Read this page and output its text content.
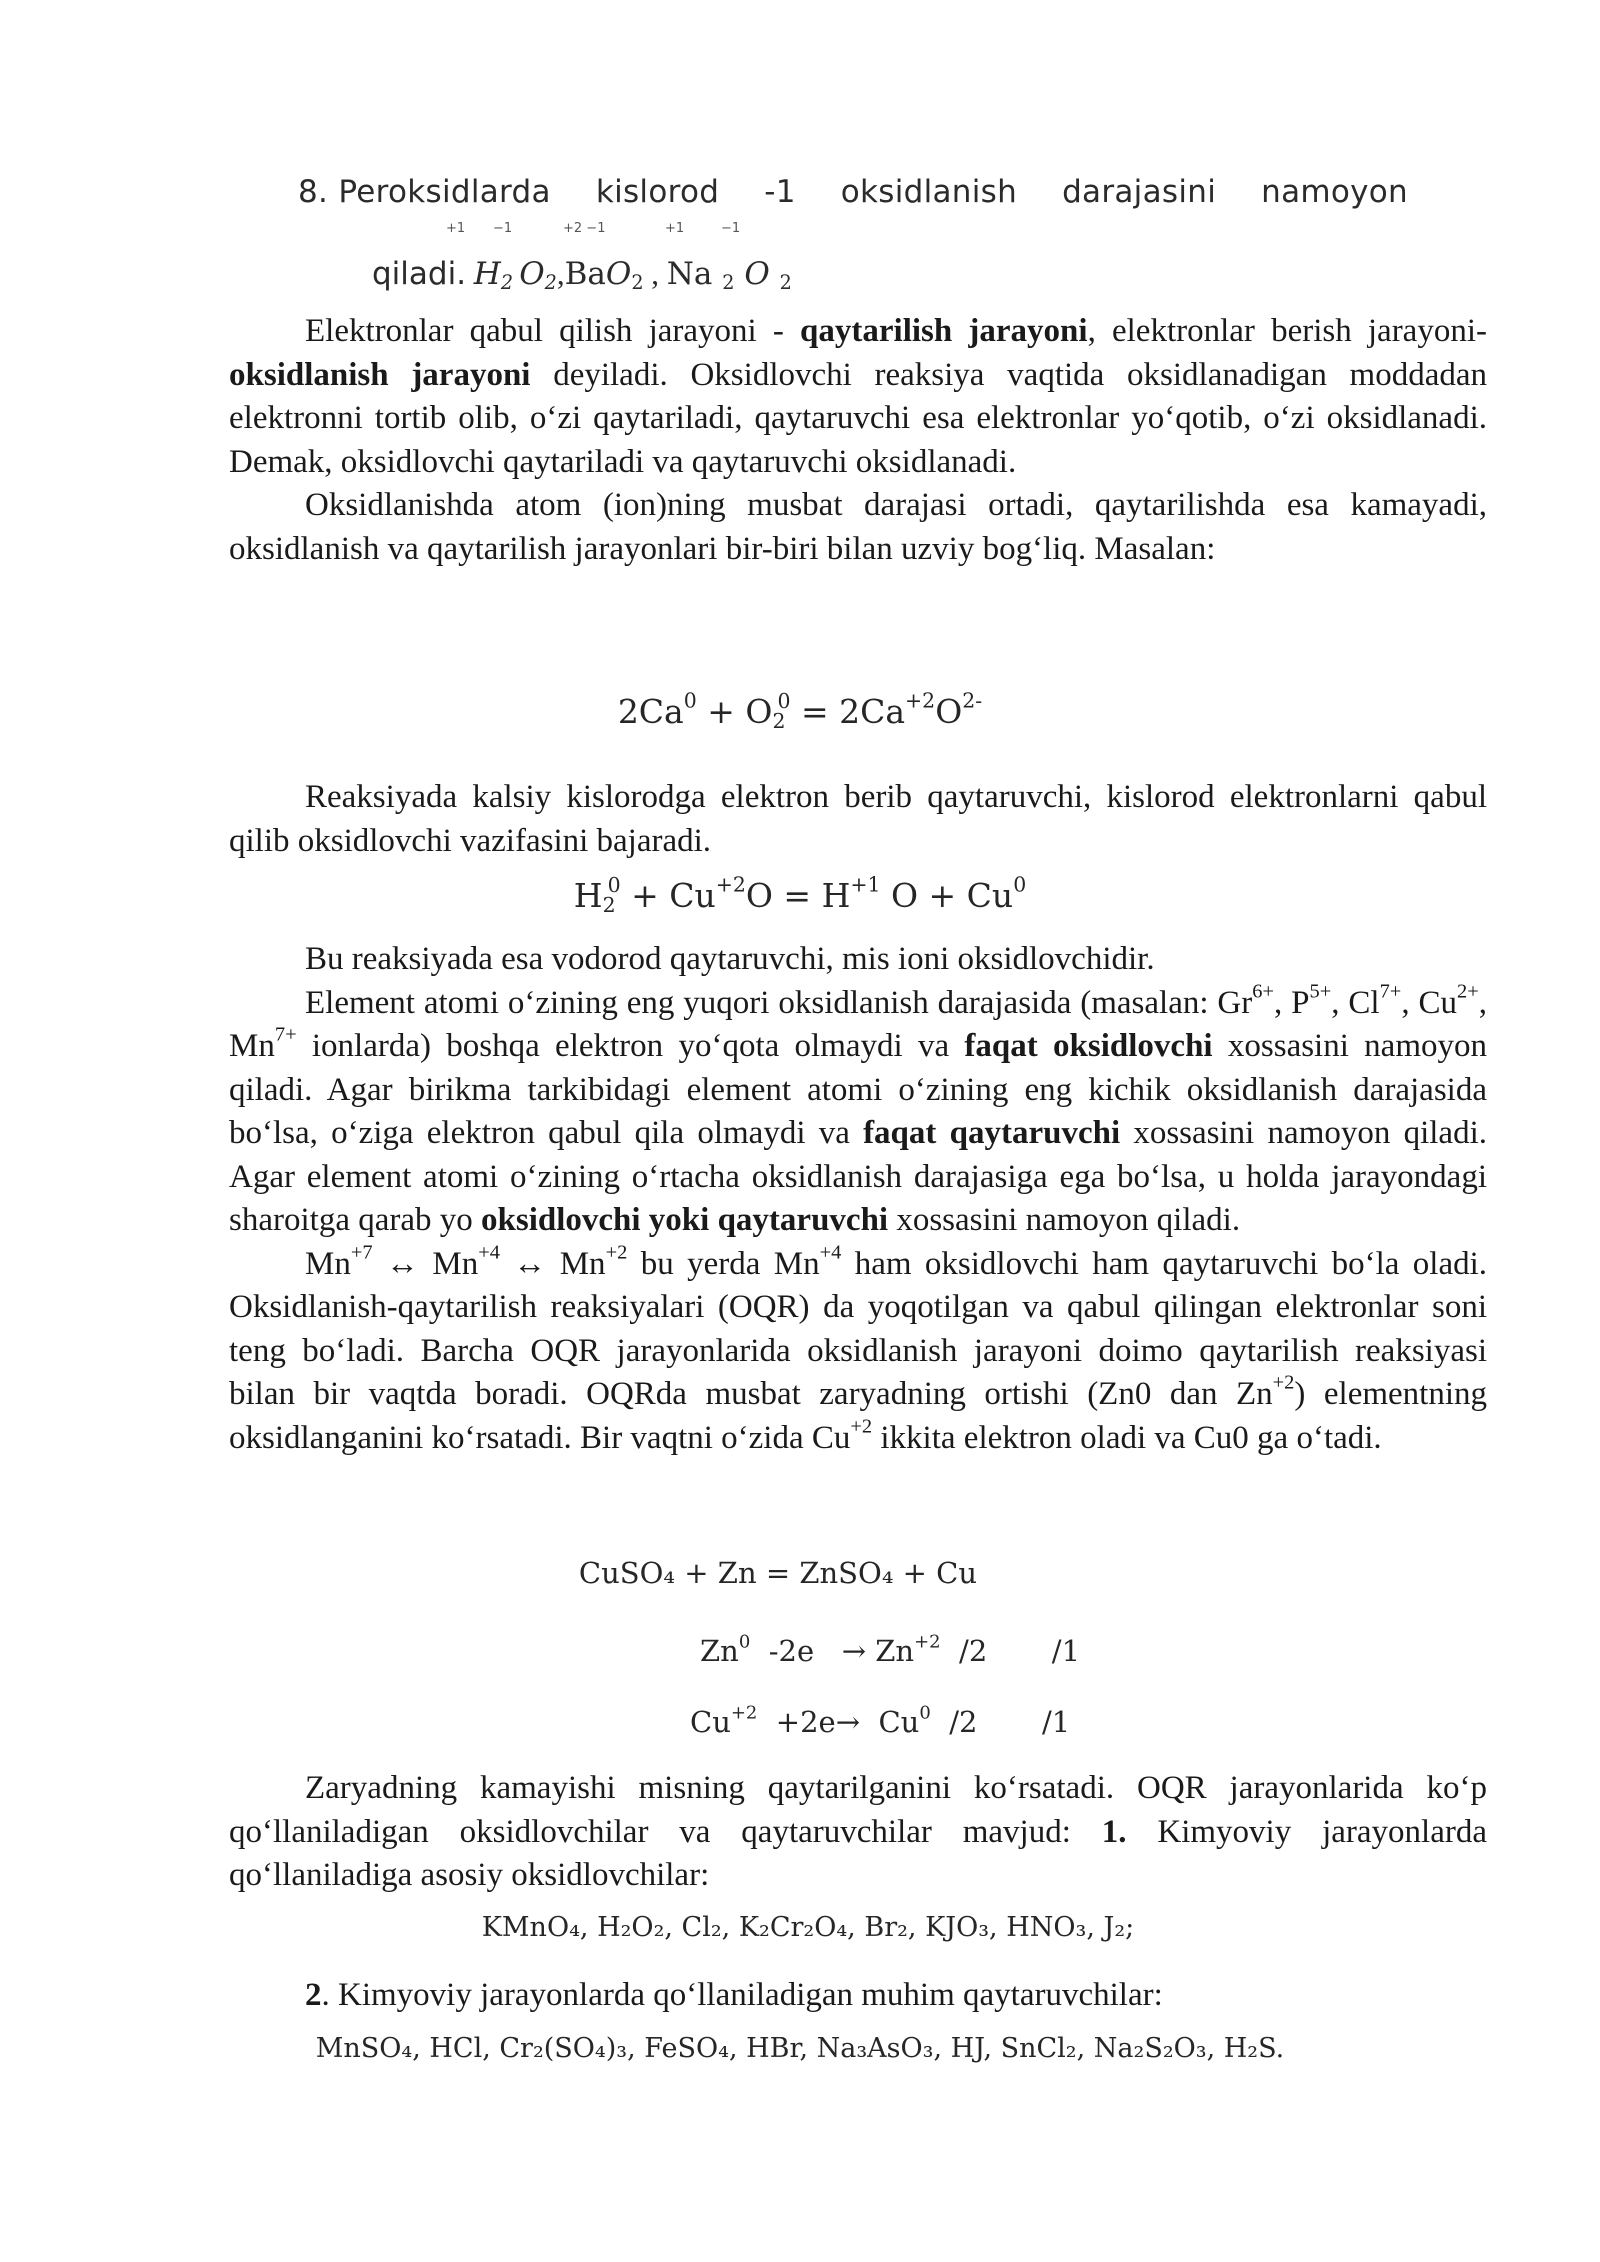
8. Peroksidlarda kislorod -1 oksidlanish darajasini namoyon
+1 −1	+2 −1	+1	−1
qiladi. $H_2$ $O_2,BaO_2$ , Na $_2$ O $_2$

Elektronlar qabul qilish jarayoni - qaytarilish jarayoni, elektronlar berish jarayoni- oksidlanish jarayoni deyiladi. Oksidlovchi reaksiya vaqtida oksidlanadigan moddadan elektronni tortib olib, o‘zi qaytariladi, qaytaruvchi esa elektronlar yo‘qotib, o‘zi oksidlanadi. Demak, oksidlovchi qaytariladi va qaytaruvchi oksidlanadi.

Oksidlanishda atom (ion)ning musbat darajasi ortadi, qaytarilishda esa kamayadi, oksidlanish va qaytarilish jarayonlari bir-biri bilan uzviy bog‘liq. Masalan:

$2Ca^0 + O_2^0 = 2Ca^{+2}O^{2-}$

Reaksiyada kalsiy kislorodga elektron berib qaytaruvchi, kislorod elektronlarni qabul qilib oksidlovchi vazifasini bajaradi.

$H_2^0 + Cu^{+2}O = H^{+1}$ $O + Cu^0$

Bu reaksiyada esa vodorod qaytaruvchi, mis ioni oksidlovchidir.

Element atomi o‘zining eng yuqori oksidlanish darajasida (masalan: $Gr^{6+}$, $P^{5+}$, $Cl^{7+}$, $Cu^{2+}$, $Mn^{7+}$ ionlarda) boshqa elektron yo‘qota olmaydi va faqat oksidlovchi xossasini namoyon qiladi. Agar birikma tarkibidagi element atomi o‘zining eng kichik oksidlanish darajasida bo‘lsa, o‘ziga elektron qabul qila olmaydi va faqat qaytaruvchi xossasini namoyon qiladi. Agar element atomi o‘zining o‘rtacha oksidlanish darajasiga ega bo‘lsa, u holda jarayondagi sharoitga qarab yo oksidlovchi yoki qaytaruvchi xossasini namoyon qiladi.

$Mn^{+7}$ ↔ $Mn^{+4}$ ↔ $Mn^{+2}$ bu yerda $Mn^{+4}$ ham oksidlovchi ham qaytaruvchi bo‘la oladi. Oksidlanish-qaytarilish reaksiyalari (OQR) da yoqotilgan va qabul qilingan elektronlar soni teng bo‘ladi. Barcha OQR jarayonlarida oksidlanish jarayoni doimo qaytarilish reaksiyasi bilan bir vaqtda boradi. OQRda musbat zaryadning ortishi (Zn0 dan $Zn^{+2}$) elementning oksidlanganini ko‘rsatadi. Bir vaqtni o‘zida $Cu^{+2}$ ikkita elektron oladi va Cu0 ga o‘tadi.

CuSO₄ + Zn = ZnSO₄ + Cu
Zn$^0$  $-2e \to Zn^{+2}$  /2       /1
$Cu^{+2} +2e\to Cu^0$  /2       /1

Zaryadning kamayishi misning qaytarilganini ko‘rsatadi. OQR jarayonlarida ko‘p qo‘llaniladigan oksidlovchilar va qaytaruvchilar mavjud: 1. Kimyoviy jarayonlarda qo‘llaniladiga asosiy oksidlovchilar:

KMnO₄, H₂O₂, Cl₂, K₂Cr₂O₄, Br₂, KJO₃, HNO₃, J₂;

2. Kimyoviy jarayonlarda qo‘llaniladigan muhim qaytaruvchilar:

MnSO₄, HCl, Cr₂(SO₄)₃, FeSO₄, HBr, Na₃AsO₃, HJ, SnCl₂, Na₂S₂O₃, H₂S.
